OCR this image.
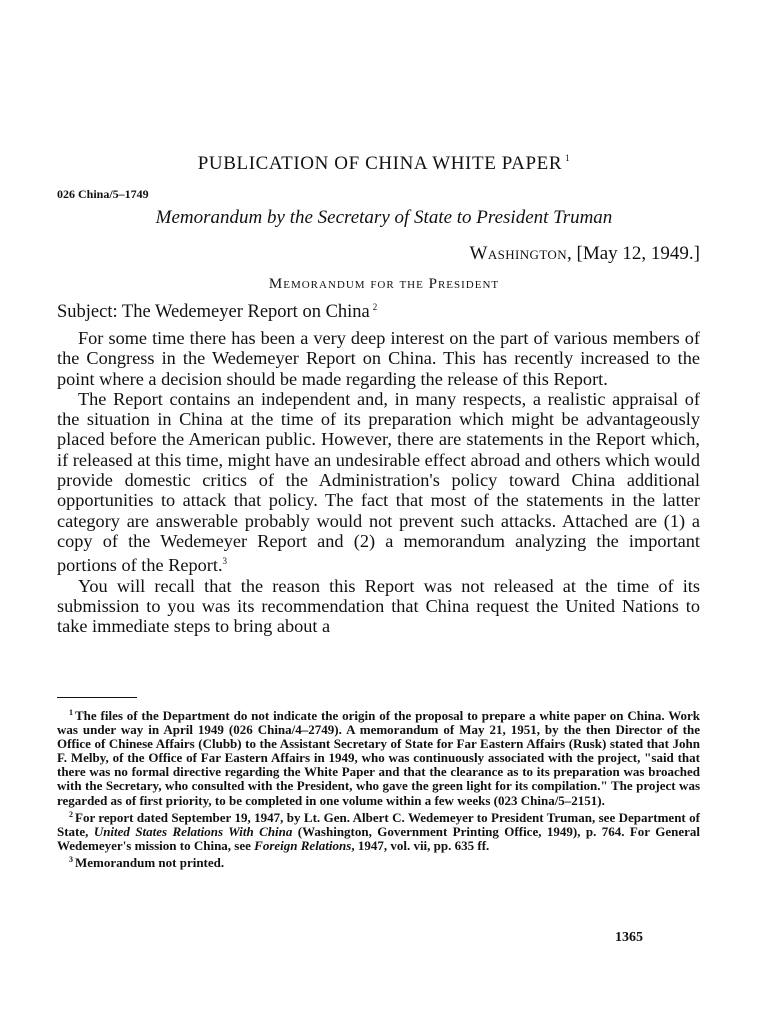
PUBLICATION OF CHINA WHITE PAPER $^1$
026 China/5–1749
Memorandum by the Secretary of State to President Truman
Washington, [May 12, 1949.]
Memorandum for the President
Subject: The Wedemeyer Report on China $^2$

For some time there has been a very deep interest on the part of various members of the Congress in the Wedemeyer Report on China. This has recently increased to the point where a decision should be made regarding the release of this Report.

The Report contains an independent and, in many respects, a realistic appraisal of the situation in China at the time of its preparation which might be advantageously placed before the American public. However, there are statements in the Report which, if released at this time, might have an undesirable effect abroad and others which would provide domestic critics of the Administration's policy toward China additional opportunities to attack that policy. The fact that most of the statements in the latter category are answerable probably would not prevent such attacks. Attached are (1) a copy of the Wedemeyer Report and (2) a memorandum analyzing the important portions of the Report.$^3$

You will recall that the reason this Report was not released at the time of its submission to you was its recommendation that China request the United Nations to take immediate steps to bring about a

$^1$ The files of the Department do not indicate the origin of the proposal to prepare a white paper on China. Work was under way in April 1949 (026 China/4–2749). A memorandum of May 21, 1951, by the then Director of the Office of Chinese Affairs (Clubb) to the Assistant Secretary of State for Far Eastern Affairs (Rusk) stated that John F. Melby, of the Office of Far Eastern Affairs in 1949, who was continuously associated with the project, "said that there was no formal directive regarding the White Paper and that the clearance as to its preparation was broached with the Secretary, who consulted with the President, who gave the green light for its compilation." The project was regarded as of first priority, to be completed in one volume within a few weeks (023 China/5–2151).

$^2$ For report dated September 19, 1947, by Lt. Gen. Albert C. Wedemeyer to President Truman, see Department of State, United States Relations With China (Washington, Government Printing Office, 1949), p. 764. For General Wedemeyer's mission to China, see Foreign Relations, 1947, vol. vii, pp. 635 ff.

$^3$ Memorandum not printed.

1365
